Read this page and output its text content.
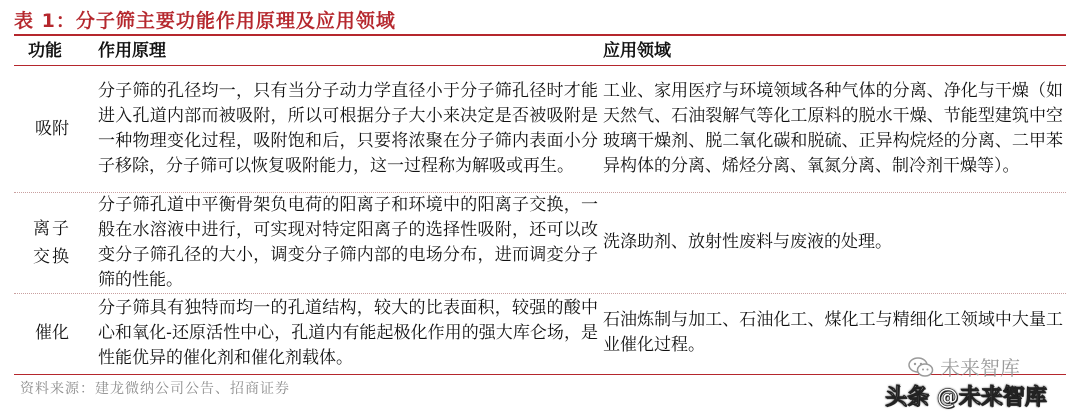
表 1：分子筛主要功能作用原理及应用领域
功能 作用原理	应用领域
吸附
分子筛的孔径均一，只有当分子动力学直径小于分子筛孔径时才能进入孔道内部而被吸附，所以可根据分子大小来决定是否被吸附是一种物理变化过程，吸附饱和后，只要将浓聚在分子筛内表面小分子移除，分子筛可以恢复吸附能力，这一过程称为解吸或再生。
工业、家用医疗与环境领域各种气体的分离、净化与干燥（如天然气、石油裂解气等化工原料的脱水干燥、节能型建筑中空玻璃干燥剂、脱二氧化碳和脱硫、正异构烷烃的分离、二甲苯异构体的分离、烯烃分离、氧氮分离、制冷剂干燥等）。
离子交换
分子筛孔道中平衡骨架负电荷的阳离子和环境中的阳离子交换，一般在水溶液中进行，可实现对特定阳离子的选择性吸附，还可以改变分子筛孔径的大小，调变分子筛内部的电场分布，进而调変分子筛的性能。
洗涤助剂、放射性废料与废液的处理。
催化
分子筛具有独特而均一的孔道结构，较大的比表面积，较强的酸中心和氧化-还原活性中心，孔道内有能起极化作用的强大库仑场，是性能优异的催化剂和催化剂载体。
石油炼制与加工、石油化工、煤化工与精细化工领域中大量工业催化过程。
资料来源：建龙微纳公司公告、招商证券
未来智库
头条 @未来智库
